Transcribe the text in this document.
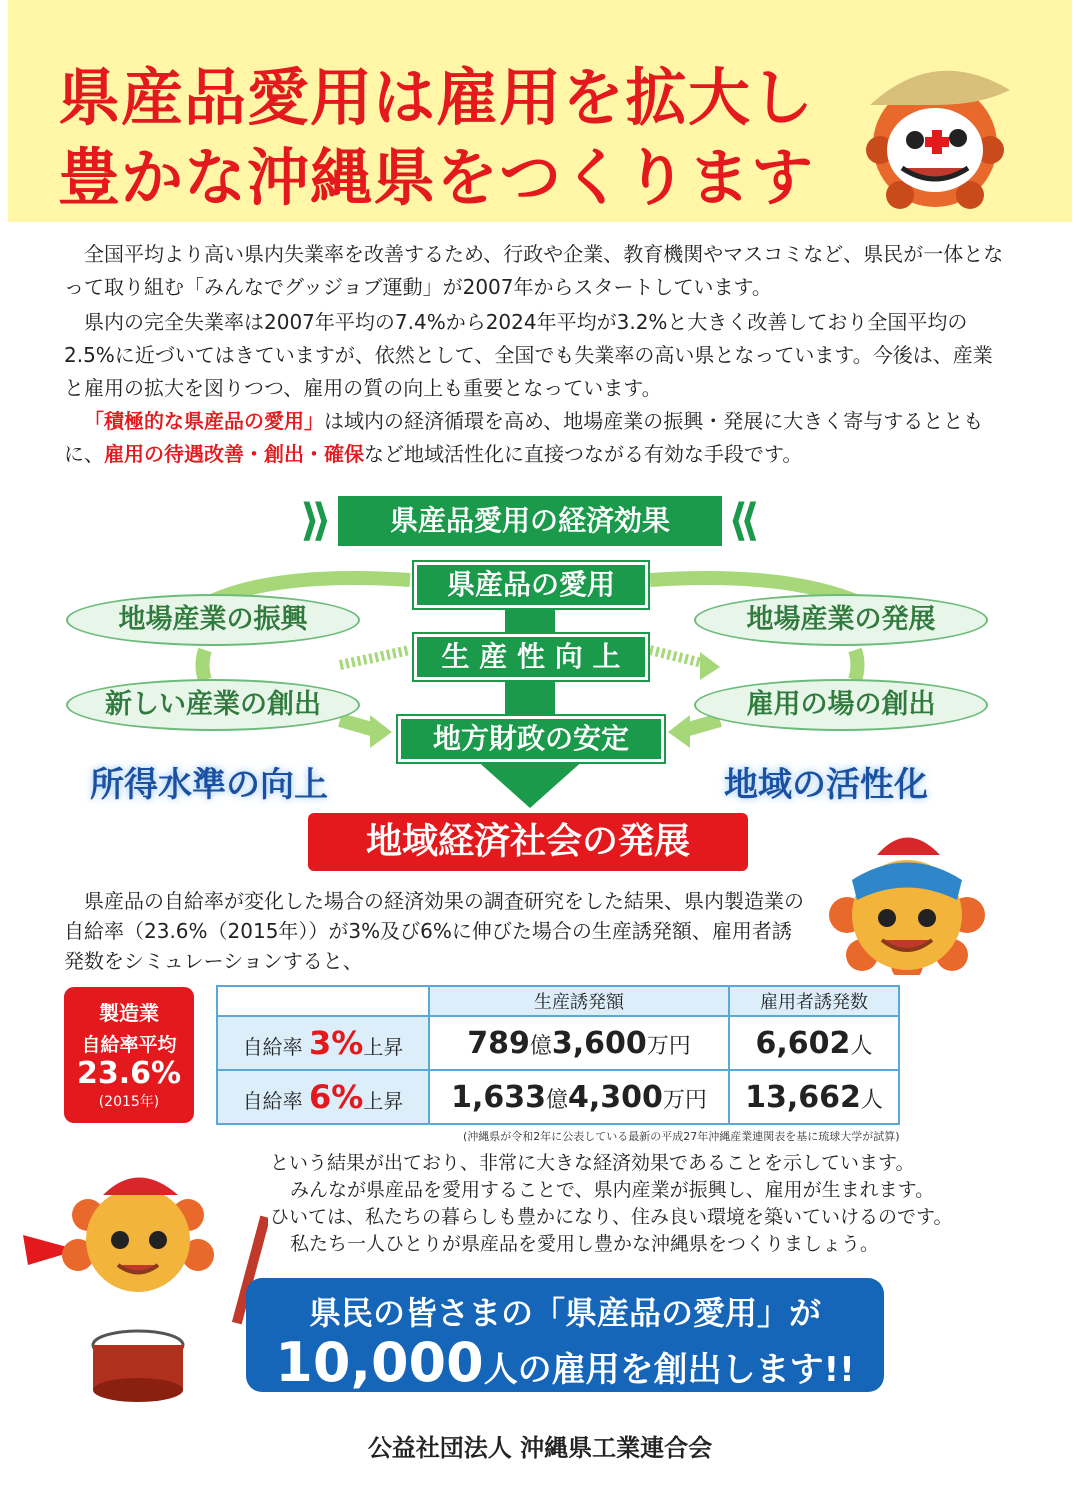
県産品愛用は雇用を拡大し
豊かな沖縄県をつくります
全国平均より高い県内失業率を改善するため、行政や企業、教育機関やマスコミなど、県民が一体となって取り組む「みんなでグッジョブ運動」が2007年からスタートしています。
県内の完全失業率は2007年平均の7.4%から2024年平均が3.2%と大きく改善しており全国平均の2.5%に近づいてはきていますが、依然として、全国でも失業率の高い県となっています。今後は、産業と雇用の拡大を図りつつ、雇用の質の向上も重要となっています。
「積極的な県産品の愛用」は域内の経済循環を高め、地場産業の振興・発展に大きく寄与するとともに、雇用の待遇改善・創出・確保など地域活性化に直接つながる有効な手段です。
⟫	県産品愛用の経済効果	⟪
地場産業の振興
新しい産業の創出
地場産業の発展
雇用の場の創出
県産品の愛用
生 産 性 向 上
地方財政の安定
所得水準の向上	地域の活性化
地域経済社会の発展
県産品の自給率が変化した場合の経済効果の調査研究をした結果、県内製造業の自給率（23.6%（2015年））が3%及び6%に伸びた場合の生産誘発額、雇用者誘発数をシミュレーションすると、
製造業
自給率平均
23.6%
(2015年)
	生産誘発額	雇用者誘発数
自給率 3%上昇	789億3,600万円	6,602人
自給率 6%上昇	1,633億4,300万円	13,662人
(沖縄県が令和2年に公表している最新の平成27年沖縄産業連関表を基に琉球大学が試算)
という結果が出ており、非常に大きな経済効果であることを示しています。
みんなが県産品を愛用することで、県内産業が振興し、雇用が生まれます。
ひいては、私たちの暮らしも豊かになり、住み良い環境を築いていけるのです。
私たち一人ひとりが県産品を愛用し豊かな沖縄県をつくりましょう。
県民の皆さまの「県産品の愛用」が
10,000人の雇用を創出します!!
公益社団法人 沖縄県工業連合会
